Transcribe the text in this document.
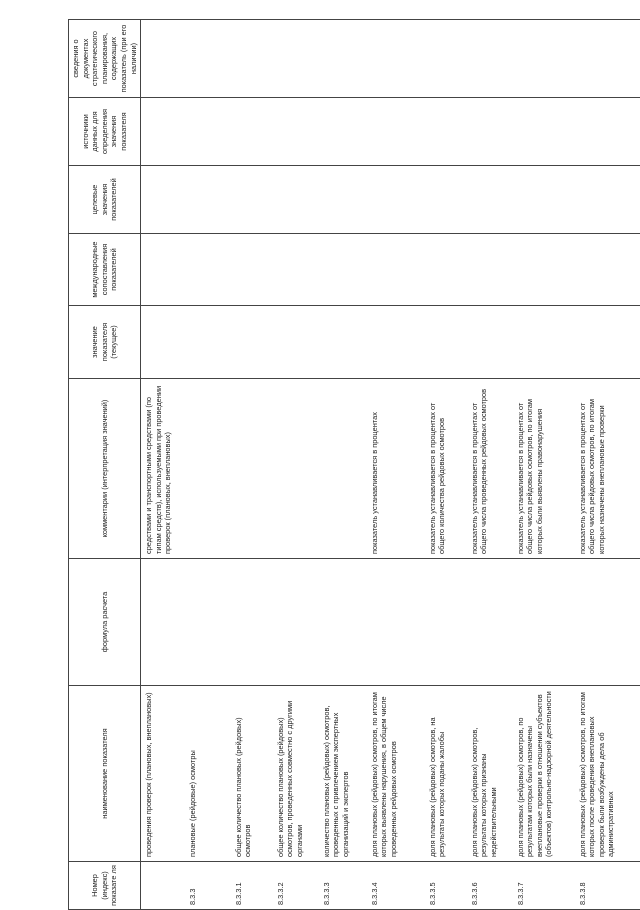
Номер (индекс) показате ля	наименование показателя	формула расчета	комментарии (интерпретация значений)	значение показателя (текущее)	международные сопоставления показателей	целевые значения показателей	источники данных для определения значения показателя	сведения о документах стратегического планирования, содержащих показатель (при его наличии)
	проведения проверок (плановых, внеплановых)		средствами и транспортными средствами (по типам средств), используемыми при проведении проверок (плановых, внеплановых)					
8.3.3	плановые (рейдовые) осмотры							
8.3.3.1	общее количество плановых (рейдовых) осмотров							
8.3.3.2	общее количество плановых (рейдовых) осмотров, проведенных совместно с другими органами							
8.3.3.3	количество плановых (рейдовых) осмотров, проведенных с привлечением экспертных организаций и экспертов							
8.3.3.4	доля плановых (рейдовых) осмотров, по итогам которых выявлены нарушения, в общем числе проведенных рейдовых осмотров		показатель устанавливается в процентах					
8.3.3.5	доля плановых (рейдовых) осмотров, на результаты которых поданы жалобы		показатель устанавливается в процентах от общего количества рейдовых осмотров					
8.3.3.6	доля плановых (рейдовых) осмотров, результаты которых признаны недействительными		показатель устанавливается в процентах от общего числа проведенных рейдовых осмотров					
8.3.3.7	доля плановых (рейдовых) осмотров, по результатам которых были назначены внеплановые проверки в отношении субъектов (объектов) контрольно-надзорной деятельности		показатель устанавливается в процентах от общего числа рейдовых осмотров, по итогам которых были выявлены правонарушения					
8.3.3.8	доля плановых (рейдовых) осмотров, по итогам которых после проведения внеплановых проверок были возбуждены дела об административных		показатель устанавливается в процентах от общего числа рейдовых осмотров, по итогам которых назначены внеплановые проверки					
